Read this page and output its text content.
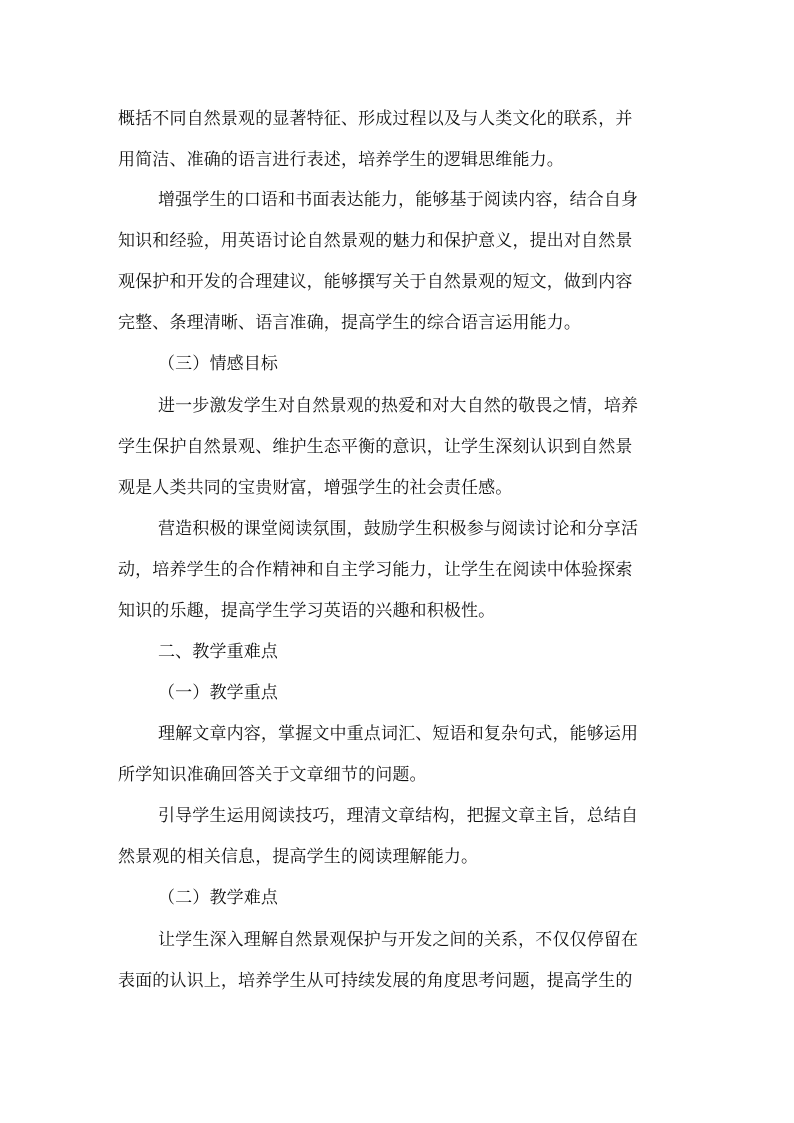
概括不同自然景观的显著特征、形成过程以及与人类文化的联系，并
用简洁、准确的语言进行表述，培养学生的逻辑思维能力。
增强学生的口语和书面表达能力，能够基于阅读内容，结合自身
知识和经验，用英语讨论自然景观的魅力和保护意义，提出对自然景
观保护和开发的合理建议，能够撰写关于自然景观的短文，做到内容
完整、条理清晰、语言准确，提高学生的综合语言运用能力。
（三）情感目标
进一步激发学生对自然景观的热爱和对大自然的敬畏之情，培养
学生保护自然景观、维护生态平衡的意识，让学生深刻认识到自然景
观是人类共同的宝贵财富，增强学生的社会责任感。
营造积极的课堂阅读氛围，鼓励学生积极参与阅读讨论和分享活
动，培养学生的合作精神和自主学习能力，让学生在阅读中体验探索
知识的乐趣，提高学生学习英语的兴趣和积极性。
二、教学重难点
（一）教学重点
理解文章内容，掌握文中重点词汇、短语和复杂句式，能够运用
所学知识准确回答关于文章细节的问题。
引导学生运用阅读技巧，理清文章结构，把握文章主旨，总结自
然景观的相关信息，提高学生的阅读理解能力。
（二）教学难点
让学生深入理解自然景观保护与开发之间的关系，不仅仅停留在
表面的认识上，培养学生从可持续发展的角度思考问题，提高学生的
